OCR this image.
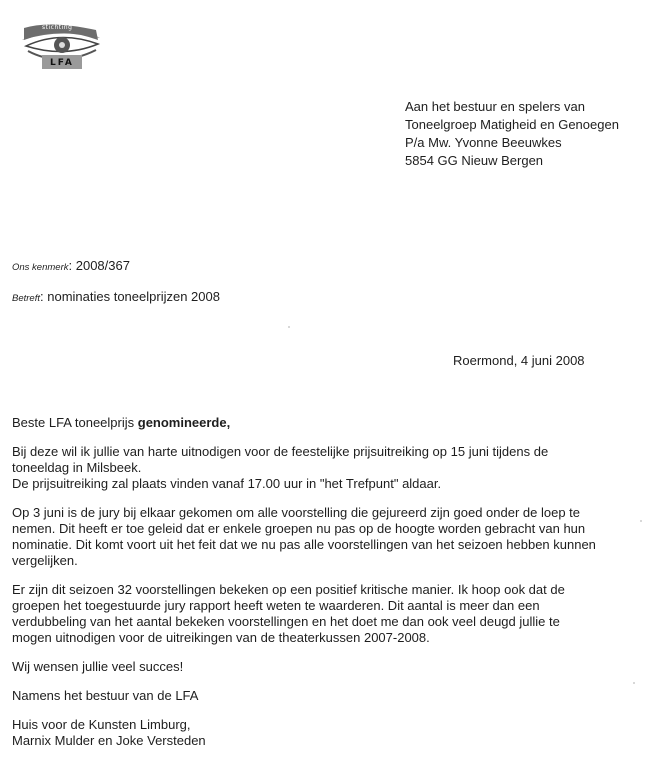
stichting
LFA
Aan het bestuur en spelers van
Toneelgroep Matigheid en Genoegen
P/a Mw. Yvonne Beeuwkes
5854 GG Nieuw Bergen
Ons kenmerk: 2008/367
Betreft: nominaties toneelprijzen 2008
Roermond, 4 juni 2008

Beste LFA toneelprijs genomineerde,

Bij deze wil ik jullie van harte uitnodigen voor de feestelijke prijsuitreiking op 15 juni tijdens de
toneeldag in Milsbeek.
De prijsuitreiking zal plaats vinden vanaf 17.00 uur in "het Trefpunt" aldaar.

Op 3 juni is de jury bij elkaar gekomen om alle voorstelling die gejureerd zijn goed onder de loep te
nemen. Dit heeft er toe geleid dat er enkele groepen nu pas op de hoogte worden gebracht van hun
nominatie. Dit komt voort uit het feit dat we nu pas alle voorstellingen van het seizoen hebben kunnen
vergelijken.

Er zijn dit seizoen 32 voorstellingen bekeken op een positief kritische manier. Ik hoop ook dat de
groepen het toegestuurde jury rapport heeft weten te waarderen. Dit aantal is meer dan een
verdubbeling van het aantal bekeken voorstellingen en het doet me dan ook veel deugd jullie te
mogen uitnodigen voor de uitreikingen van de theaterkussen 2007-2008.

Wij wensen jullie veel succes!

Namens het bestuur van de LFA

Huis voor de Kunsten Limburg,
Marnix Mulder en Joke Versteden
